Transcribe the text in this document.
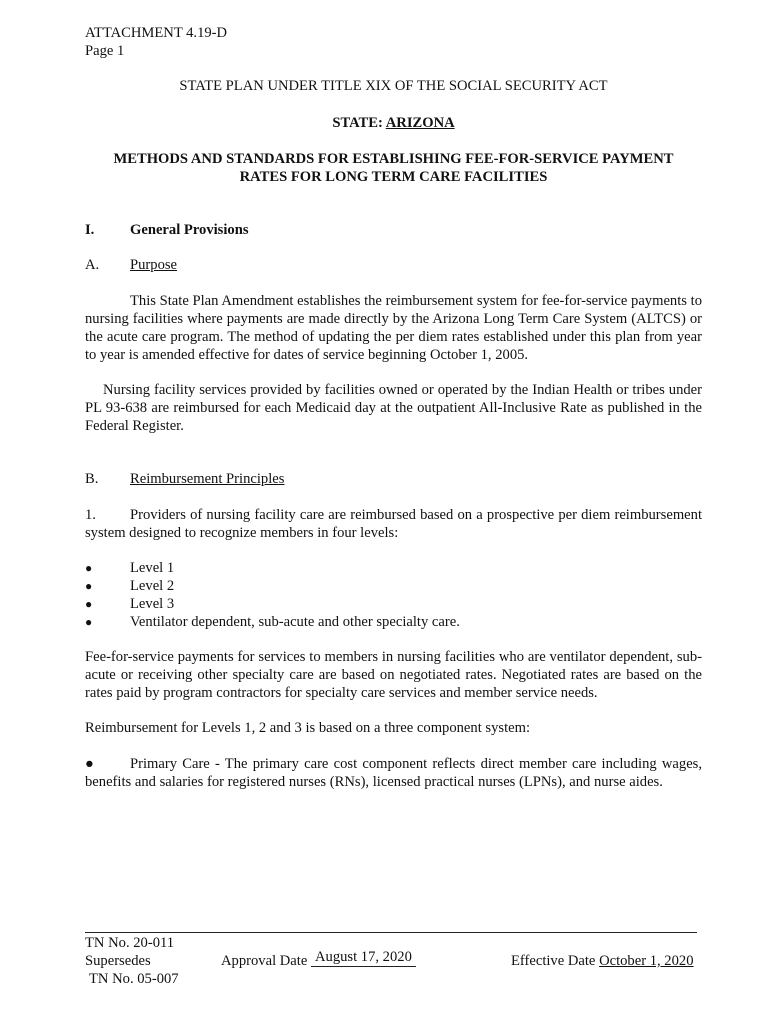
ATTACHMENT 4.19-D
Page 1
STATE PLAN UNDER TITLE XIX OF THE SOCIAL SECURITY ACT
STATE: ARIZONA
METHODS AND STANDARDS FOR ESTABLISHING FEE-FOR-SERVICE PAYMENT
RATES FOR LONG TERM CARE FACILITIES
I. General Provisions
A. Purpose
This State Plan Amendment establishes the reimbursement system for fee-for-service payments to nursing facilities where payments are made directly by the Arizona Long Term Care System (ALTCS) or the acute care program. The method of updating the per diem rates established under this plan from year to year is amended effective for dates of service beginning October 1, 2005.
Nursing facility services provided by facilities owned or operated by the Indian Health or tribes under PL 93-638 are reimbursed for each Medicaid day at the outpatient All-Inclusive Rate as published in the Federal Register.
B. Reimbursement Principles
1. Providers of nursing facility care are reimbursed based on a prospective per diem reimbursement system designed to recognize members in four levels:
●	Level 1
●	Level 2
●	Level 3
●	Ventilator dependent, sub-acute and other specialty care.
Fee-for-service payments for services to members in nursing facilities who are ventilator dependent, sub-acute or receiving other specialty care are based on negotiated rates. Negotiated rates are based on the rates paid by program contractors for specialty care services and member service needs.
Reimbursement for Levels 1, 2 and 3 is based on a three component system:
● Primary Care - The primary care cost component reflects direct member care including wages, benefits and salaries for registered nurses (RNs), licensed practical nurses (LPNs), and nurse aides.
TN No. 20-011
Supersedes
TN No. 05-007
Approval Date August 17, 2020	Effective Date October 1, 2020
